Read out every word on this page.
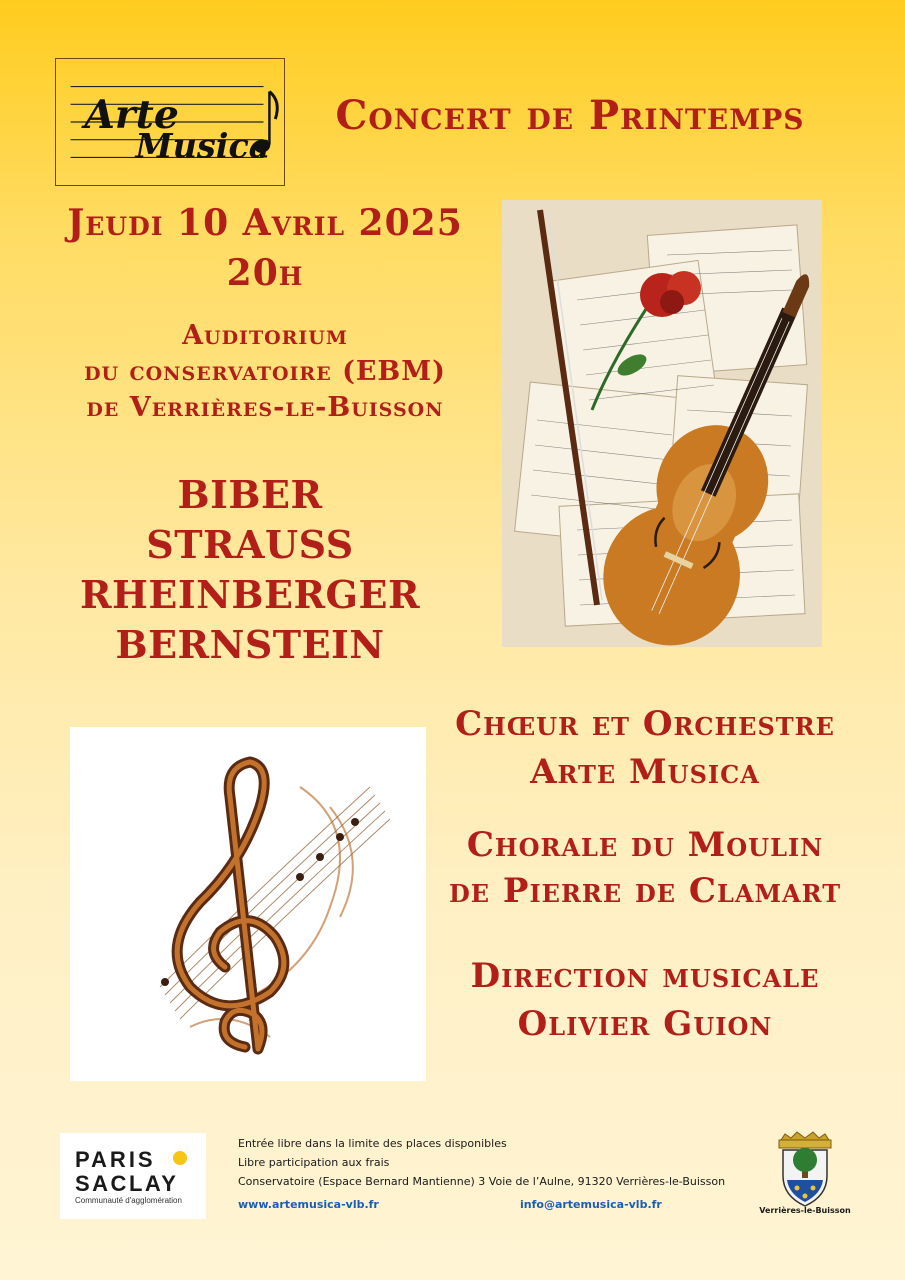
Arte
Musica
Concert de Printemps
Jeudi 10 Avril 2025
20h
Auditorium
du conservatoire (EBM)
de Verrières-le-Buisson
BIBER
STRAUSS
RHEINBERGER
BERNSTEIN
Chœur et Orchestre
Arte Musica
Chorale du Moulin
de Pierre de Clamart
Direction musicale
Olivier Guion
PARIS
SACLAY
Communauté d'agglomération
Entrée libre dans la limite des places disponibles
Libre participation aux frais
Conservatoire (Espace Bernard Mantienne) 3 Voie de l’Aulne, 91320 Verrières-le-Buisson
www.artemusica-vlb.fr	info@artemusica-vlb.fr	Verrières-le-Buisson
